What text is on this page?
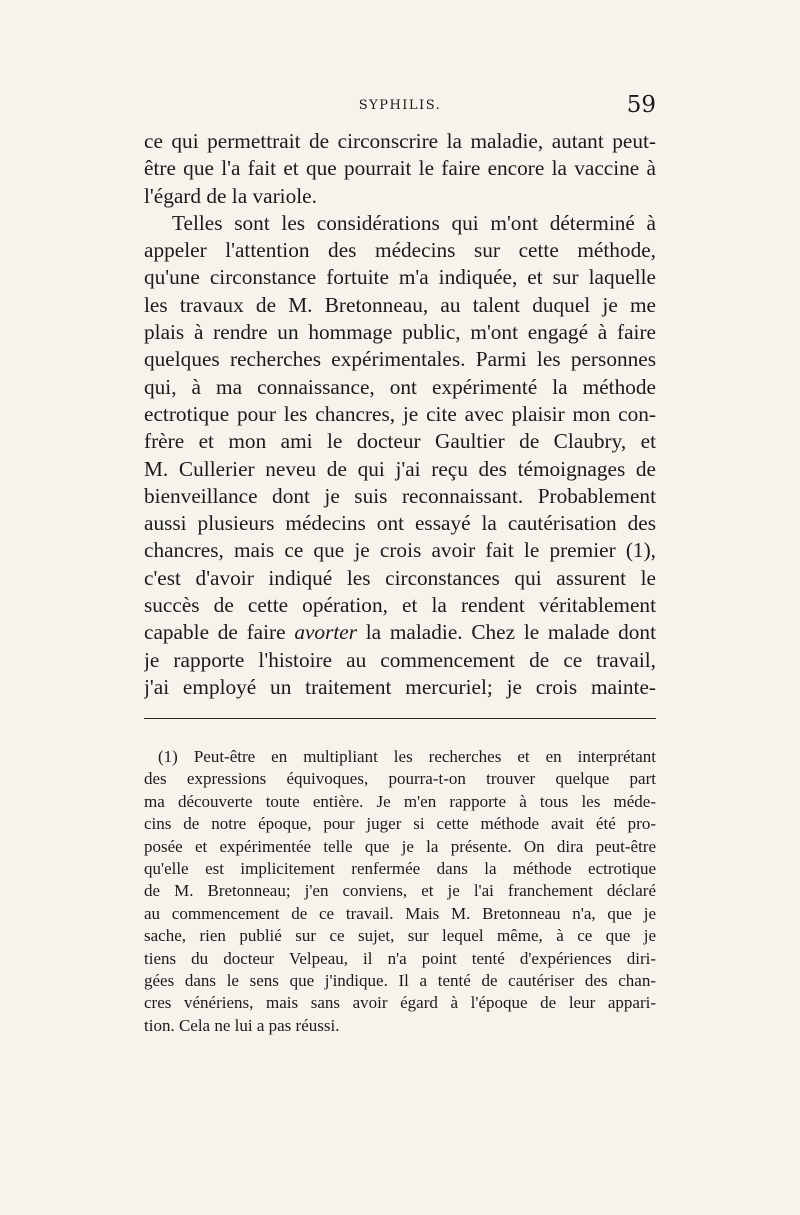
SYPHILIS.	59
ce qui permettrait de circonscrire la maladie, autant peut-
être que l'a fait et que pourrait le faire encore la vaccine à
l'égard de la variole.
Telles sont les considérations qui m'ont déterminé à
appeler l'attention des médecins sur cette méthode,
qu'une circonstance fortuite m'a indiquée, et sur laquelle
les travaux de M. Bretonneau, au talent duquel je me
plais à rendre un hommage public, m'ont engagé à faire
quelques recherches expérimentales. Parmi les personnes
qui, à ma connaissance, ont expérimenté la méthode
ectrotique pour les chancres, je cite avec plaisir mon con-
frère et mon ami le docteur Gaultier de Claubry, et
M. Cullerier neveu de qui j'ai reçu des témoignages de
bienveillance dont je suis reconnaissant. Probablement
aussi plusieurs médecins ont essayé la cautérisation des
chancres, mais ce que je crois avoir fait le premier (1),
c'est d'avoir indiqué les circonstances qui assurent le
succès de cette opération, et la rendent véritablement
capable de faire avorter la maladie. Chez le malade dont
je rapporte l'histoire au commencement de ce travail,
j'ai employé un traitement mercuriel; je crois mainte-
(1) Peut-être en multipliant les recherches et en interprétant
des expressions équivoques, pourra-t-on trouver quelque part
ma découverte toute entière. Je m'en rapporte à tous les méde-
cins de notre époque, pour juger si cette méthode avait été pro-
posée et expérimentée telle que je la présente. On dira peut-être
qu'elle est implicitement renfermée dans la méthode ectrotique
de M. Bretonneau; j'en conviens, et je l'ai franchement déclaré
au commencement de ce travail. Mais M. Bretonneau n'a, que je
sache, rien publié sur ce sujet, sur lequel même, à ce que je
tiens du docteur Velpeau, il n'a point tenté d'expériences diri-
gées dans le sens que j'indique. Il a tenté de cautériser des chan-
cres vénériens, mais sans avoir égard à l'époque de leur appari-
tion. Cela ne lui a pas réussi.
